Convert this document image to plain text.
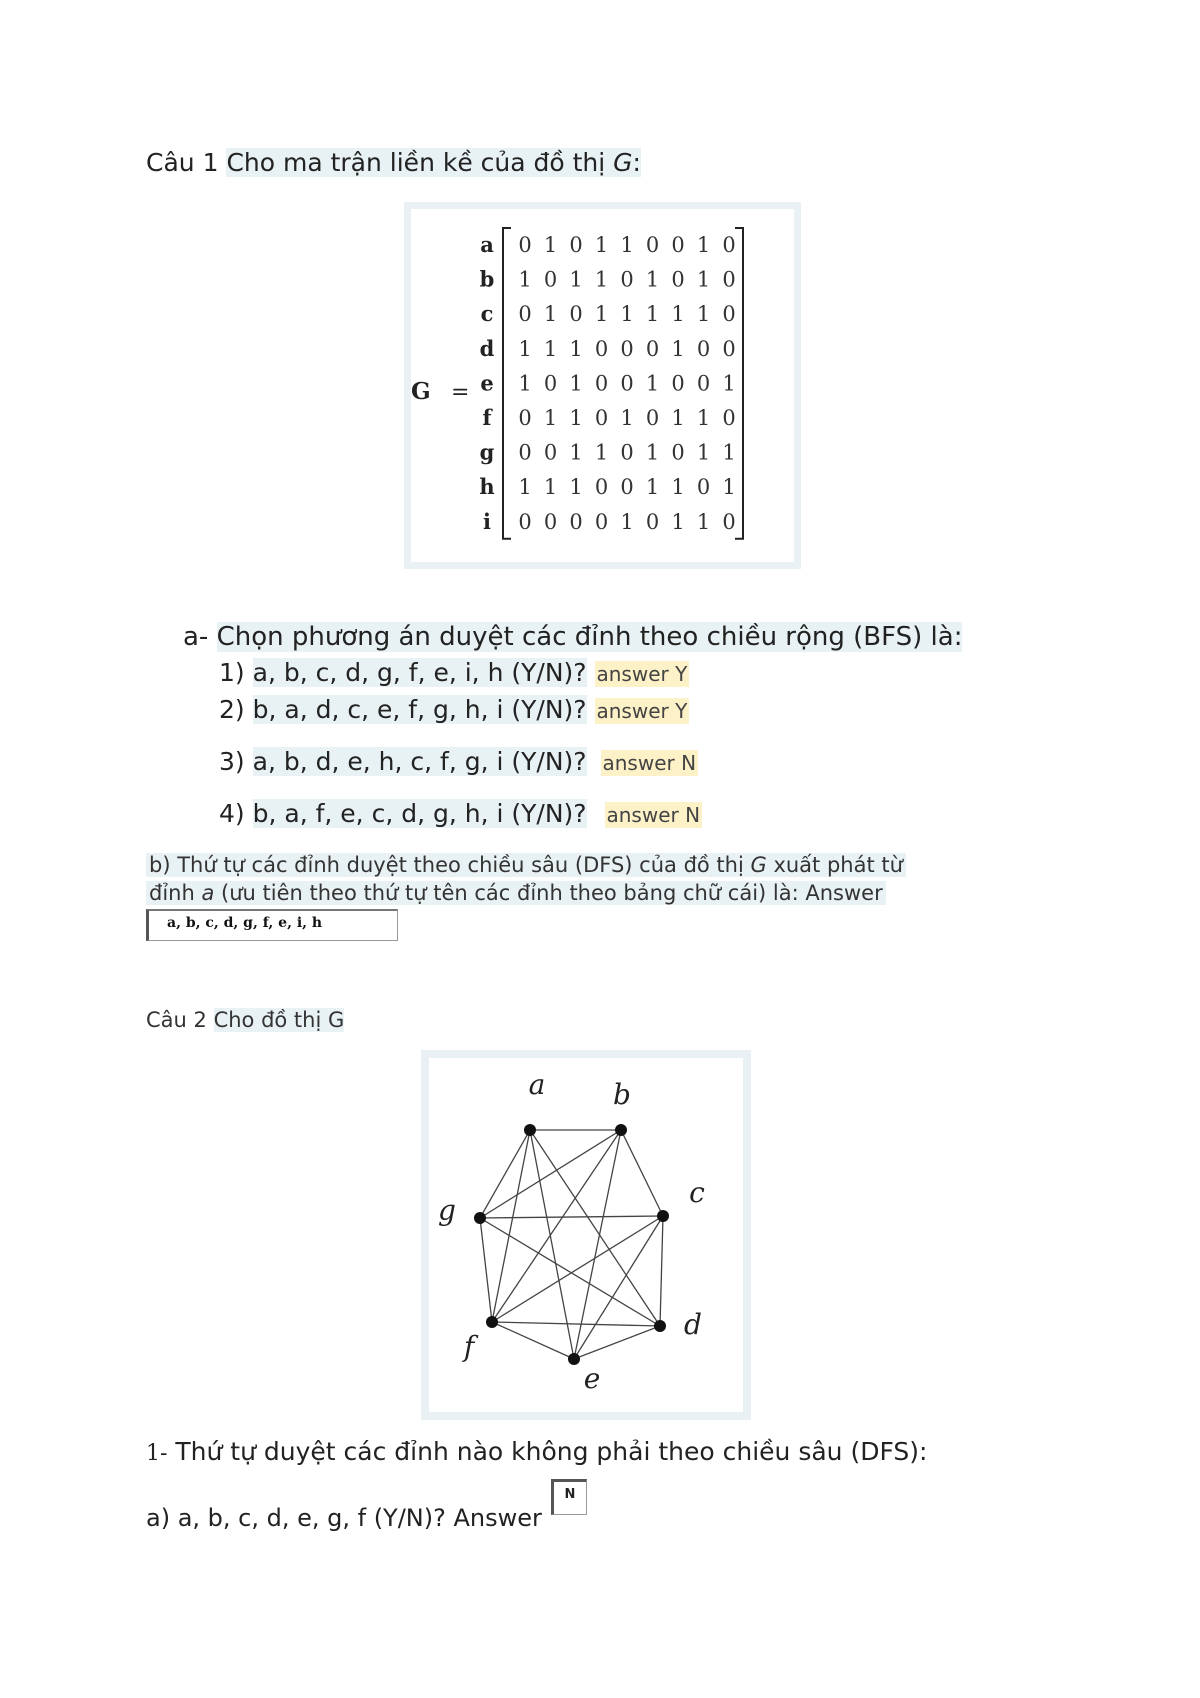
Câu 1 Cho ma trận liền kề của đồ thị G:
G =
a 0 1 0 1 1 0 0 1 0
b 1 0 1 1 0 1 0 1 0
c 0 1 0 1 1 1 1 1 0
d 1 1 1 0 0 0 1 0 0
e 1 0 1 0 0 1 0 0 1
f 0 1 1 0 1 0 1 1 0
g 0 0 1 1 0 1 0 1 1
h 1 1 1 0 0 1 1 0 1
i 0 0 0 0 1 0 1 1 0
a- Chọn phương án duyệt các đỉnh theo chiều rộng (BFS) là:
1) a, b, c, d, g, f, e, i, h (Y/N)? answer Y
2) b, a, d, c, e, f, g, h, i (Y/N)? answer Y
3) a, b, d, e, h, c, f, g, i (Y/N)? answer N
4) b, a, f, e, c, d, g, h, i (Y/N)? answer N
b) Thứ tự các đỉnh duyệt theo chiều sâu (DFS) của đồ thị G xuất phát từ
đỉnh a (ưu tiên theo thứ tự tên các đỉnh theo bảng chữ cái) là: Answer
a, b, c, d, g, f, e, i, h
Câu 2 Cho đồ thị G
a b
c
d
e
f
g
1- Thứ tự duyệt các đỉnh nào không phải theo chiều sâu (DFS):
a) a, b, c, d, e, g, f (Y/N)? Answer
N
